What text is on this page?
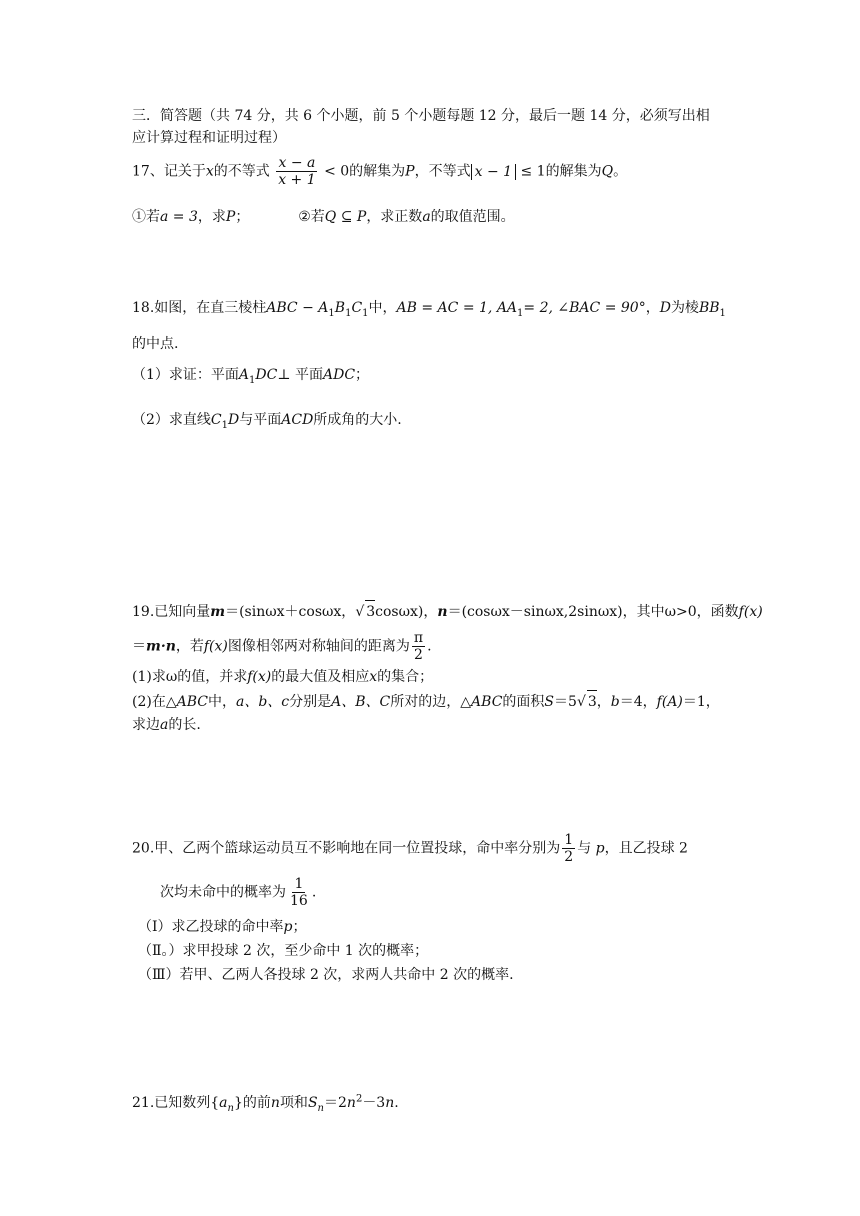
三．简答题（共 74 分，共 6 个小题，前 5 个小题每题 12 分，最后一题 14 分，必须写出相
应计算过程和证明过程）
17、记关于x的不等式 $\frac{x - a}{x + 1} < 0$的解集为P，不等式 x − 1 ≤ 1的解集为Q。
①若a = 3，求P；	②若Q ⊆ P，求正数a的取值范围。
18.如图，在直三棱柱ABC − $A_1B_1C_1$中，AB = AC = 1, $AA_1= 2$, ∠BAC = 90°，D为棱$BB_1$
的中点.
（1）求证：平面$A_1DC\perp$ 平面ADC；
（2）求直线$C_1D$与平面ACD所成角的大小.
19.已知向量m＝(sinωx＋cosωx，√ 3cosωx)，n＝(cosωx－sinωx,2sinωx)，其中ω>0，函数f(x)
＝m·n，若f(x)图像相邻两对称轴间的距离为 $\frac{\pi}{2}$ .
(1)求ω的值，并求f(x)的最大值及相应x的集合；
(2)在△ABC中，a、b、c分别是A、B、C所对的边，△ABC的面积S＝5√ 3，b＝4，f(A)＝1，
求边a的长.
20.甲、乙两个篮球运动员互不影响地在同一位置投球，命中率分别为 $\frac{1}{2}$ 与 p，且乙投球 2
次均未命中的概率为 $\frac{1}{16}$ .
（Ⅰ）求乙投球的命中率p；
（Ⅱ。）求甲投球 2 次，至少命中 1 次的概率；
（Ⅲ）若甲、乙两人各投球 2 次，求两人共命中 2 次的概率.
21.已知数列$\{a_n\}$的前n项和$S_n=2n^2-3n$.
